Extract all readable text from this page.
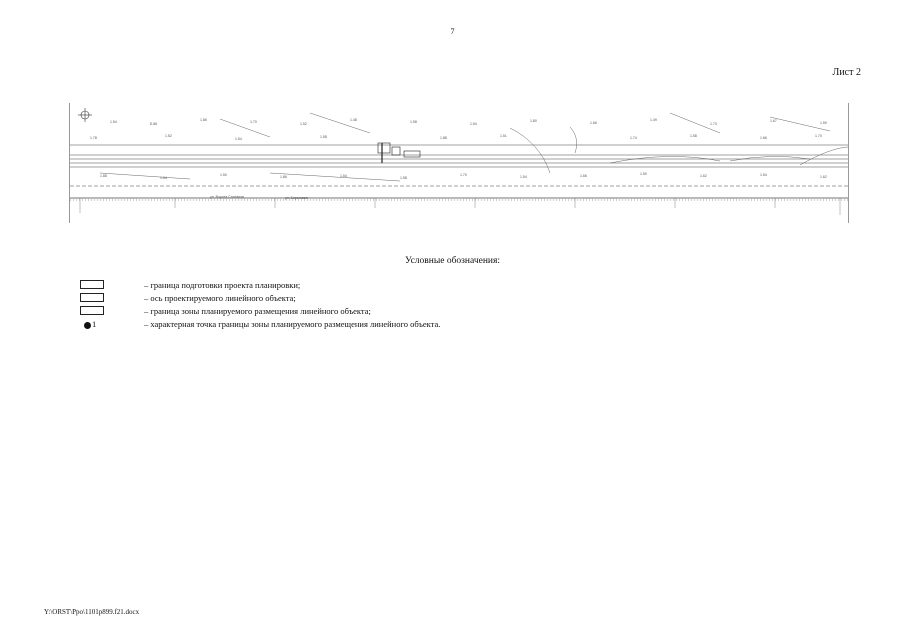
7
Лист 2
1.54	Б.86
1.86	1.70	1.52
1.48	1.58	1.54
1.80	1.66
1.49
1.73
1.67	1.59
1.78	1.52
1.54	1.58	1.88	1.51	1.74	1.58	1.66	1.70
1.88	1.54
1.50	1.86	1.54	1.58
1.70	1.54	1.66	1.50	1.62	1.54	1.62
ул. Ворота Салтанов	ул. Береговая
Условные обозначения:
– граница подготовки проекта планировки;
– ось проектируемого линейного объекта;
– граница зоны планируемого размещения линейного объекта;
1	– характерная точка границы зоны планируемого размещения линейного объекта.
Y:\ORST\Ppo\1101p899.f21.docx
